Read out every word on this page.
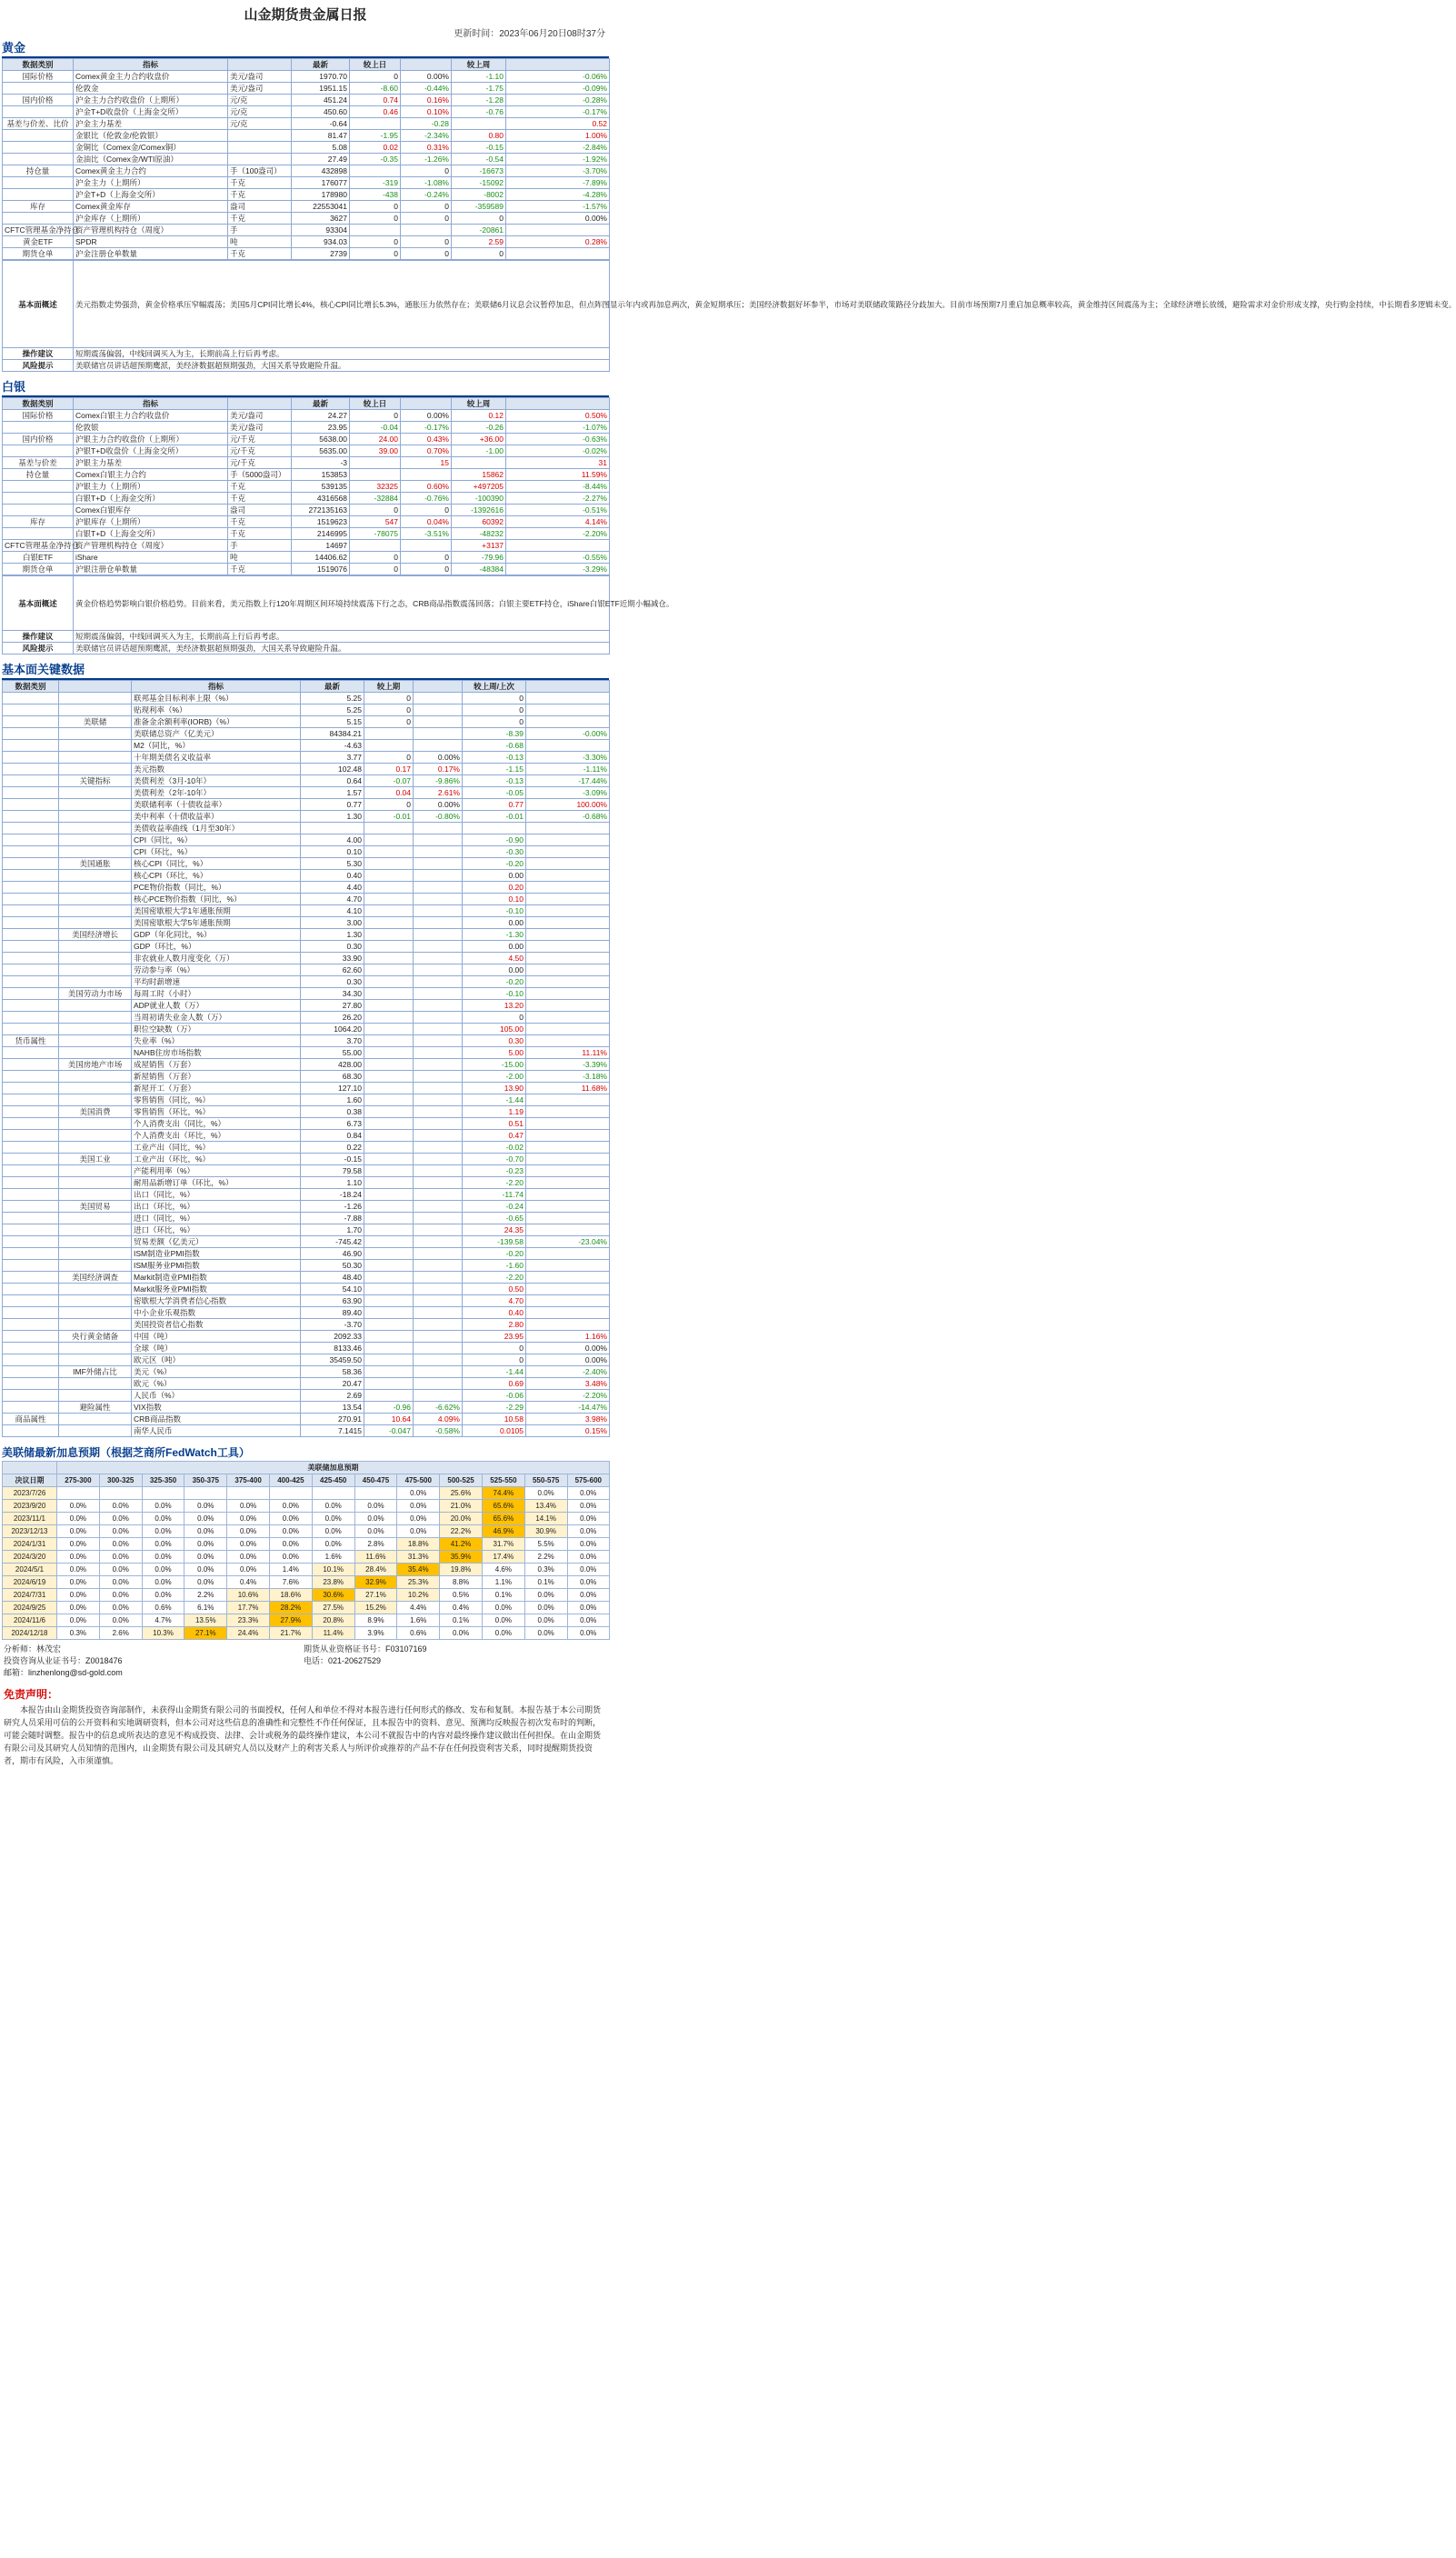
山金期货贵金属日报
更新时间：2023年06月20日08时37分
黄金
数据类别	指标		最新	较上日		较上周	
国际价格	Comex黄金主力合约收盘价	美元/盎司	1970.70	0	0.00%	-1.10	-0.06%
	伦敦金	美元/盎司	1951.15	-8.60	-0.44%	-1.75	-0.09%
国内价格	沪金主力合约收盘价（上期所）	元/克	451.24	0.74	0.16%	-1.28	-0.28%
	沪金T+D收盘价（上海金交所）	元/克	450.60	0.46	0.10%	-0.76	-0.17%
基差与价差、比价	沪金主力基差	元/克	-0.64		-0.28		0.52
	金银比（伦敦金/伦敦银）		81.47	-1.95	-2.34%	0.80	1.00%
	金铜比（Comex金/Comex铜）		5.08	0.02	0.31%	-0.15	-2.84%
	金油比（Comex金/WTI原油）		27.49	-0.35	-1.26%	-0.54	-1.92%
持仓量	Comex黄金主力合约	手（100盎司）	432898		0	-16673	-3.70%
	沪金主力（上期所）	千克	176077	-319	-1.08%	-15092	-7.89%
	沪金T+D（上海金交所）	千克	178980	-438	-0.24%	-8002	-4.28%
库存	Comex黄金库存	盎司	22553041	0	0	-359589	-1.57%
	沪金库存（上期所）	千克	3627	0	0	0	0.00%
CFTC管理基金净持仓	资产管理机构持仓（周度）	手	93304			-20861	
黄金ETF	SPDR	吨	934.03	0	0	2.59	0.28%
期货仓单	沪金注册仓单数量	千克	2739	0	0	0	
基本面概述	美元指数走势强劲，黄金价格承压窄幅震荡；美国5月CPI同比增长4%，核心CPI同比增长5.3%，通胀压力依然存在；美联储6月议息会议暂停加息，但点阵图显示年内或再加息两次，黄金短期承压；美国经济数据好坏参半，市场对美联储政策路径分歧加大。目前市场预期7月重启加息概率较高，黄金维持区间震荡为主；全球经济增长放缓，避险需求对金价形成支撑，央行购金持续，中长期看多逻辑未变。
操作建议	短期震荡偏弱，中线回调买入为主，长期前高上行后再考虑。
风险提示	美联储官员讲话超预期鹰派，美经济数据超预期强劲，大国关系导致避险升温。
白银
数据类别	指标		最新	较上日		较上周	
国际价格	Comex白银主力合约收盘价	美元/盎司	24.27	0	0.00%	0.12	0.50%
	伦敦银	美元/盎司	23.95	-0.04	-0.17%	-0.26	-1.07%
国内价格	沪银主力合约收盘价（上期所）	元/千克	5638.00	24.00	0.43%	+36.00	-0.63%
	沪银T+D收盘价（上海金交所）	元/千克	5635.00	39.00	0.70%	-1.00	-0.02%
基差与价差	沪银主力基差	元/千克	-3		15		31
持仓量	Comex白银主力合约	手（5000盎司）	153853			15862	11.59%
	沪银主力（上期所）	千克	539135	32325	0.60%	+497205	-8.44%
	白银T+D（上海金交所）	千克	4316568	-32884	-0.76%	-100390	-2.27%
	Comex白银库存	盎司	272135163	0	0	-1392616	-0.51%
库存	沪银库存（上期所）	千克	1519623	547	0.04%	60392	4.14%
	白银T+D（上海金交所）	千克	2146995	-78075	-3.51%	-48232	-2.20%
CFTC管理基金净持仓	资产管理机构持仓（周度）	手	14697			+3137	
白银ETF	iShare	吨	14406.62	0	0	-79.96	-0.55%
期货仓单	沪银注册仓单数量	千克	1519076	0	0	-48384	-3.29%
基本面概述	黄金价格趋势影响白银价格趋势。目前来看，美元指数上行120年周期区间环境持续震荡下行之态，CRB商品指数震荡回落；白银主要ETF持仓，iShare白银ETF近期小幅减仓。
操作建议	短期震荡偏弱，中线回调买入为主，长期前高上行后再考虑。
风险提示	美联储官员讲话超预期鹰派，美经济数据超预期强劲，大国关系导致避险升温。
基本面关键数据
数据类别		指标	最新	较上期		较上周/上次	
		联邦基金目标利率上限（%）	5.25	0		0	
		贴现利率（%）	5.25	0		0	
	美联储	准备金余额利率(IORB)（%）	5.15	0		0	
		美联储总资产（亿美元）	84384.21			-8.39	-0.00%
		M2（同比，%）	-4.63			-0.68	
		十年期美债名义收益率	3.77	0	0.00%	-0.13	-3.30%
		美元指数	102.48	0.17	0.17%	-1.15	-1.11%
	关键指标	美债利差（3月-10年）	0.64	-0.07	-9.86%	-0.13	-17.44%
		美债利差（2年-10年）	1.57	0.04	2.61%	-0.05	-3.09%
		美联储利率（十债收益率）	0.77	0	0.00%	0.77	100.00%
		美中利率（十债收益率）	1.30	-0.01	-0.80%	-0.01	-0.68%
		美债收益率曲线（1月至30年）					
		CPI（同比，%）	4.00			-0.90	
		CPI（环比，%）	0.10			-0.30	
	美国通胀	核心CPI（同比，%）	5.30			-0.20	
		核心CPI（环比，%）	0.40			0.00	
		PCE物价指数（同比，%）	4.40			0.20	
		核心PCE物价指数（同比，%）	4.70			0.10	
		美国密歇根大学1年通胀预期	4.10			-0.10	
		美国密歇根大学5年通胀预期	3.00			0.00	
	美国经济增长	GDP（年化同比，%）	1.30			-1.30	
		GDP（环比，%）	0.30			0.00	
		非农就业人数月度变化（万）	33.90			4.50	
		劳动参与率（%）	62.60			0.00	
		平均时薪增速	0.30			-0.20	
	美国劳动力市场	每周工时（小时）	34.30			-0.10	
		ADP就业人数（万）	27.80			13.20	
		当周初请失业金人数（万）	26.20			0	
		职位空缺数（万）	1064.20			105.00	
货币属性		失业率（%）	3.70			0.30	
		NAHB住房市场指数	55.00			5.00	11.11%
	美国房地产市场	成屋销售（万套）	428.00			-15.00	-3.39%
		新屋销售（万套）	68.30			-2.00	-3.18%
		新屋开工（万套）	127.10			13.90	11.68%
		零售销售（同比，%）	1.60			-1.44	
	美国消费	零售销售（环比，%）	0.38			1.19	
		个人消费支出（同比，%）	6.73			0.51	
		个人消费支出（环比，%）	0.84			0.47	
		工业产出（同比，%）	0.22			-0.02	
	美国工业	工业产出（环比，%）	-0.15			-0.70	
		产能利用率（%）	79.58			-0.23	
		耐用品新增订单（环比，%）	1.10			-2.20	
		出口（同比，%）	-18.24			-11.74	
	美国贸易	出口（环比，%）	-1.26			-0.24	
		进口（同比，%）	-7.88			-0.65	
		进口（环比，%）	1.70			24.35	
		贸易差额（亿美元）	-745.42			-139.58	-23.04%
		ISM制造业PMI指数	46.90			-0.20	
		ISM服务业PMI指数	50.30			-1.60	
	美国经济调查	Markit制造业PMI指数	48.40			-2.20	
		Markit服务业PMI指数	54.10			0.50	
		密歇根大学消费者信心指数	63.90			4.70	
		中小企业乐观指数	89.40			0.40	
		美国投资者信心指数	-3.70			2.80	
	央行黄金储备	中国（吨）	2092.33			23.95	1.16%
		全球（吨）	8133.46			0	0.00%
		欧元区（吨）	35459.50			0	0.00%
	IMF外储占比	美元（%）	58.36			-1.44	-2.40%
		欧元（%）	20.47			0.69	3.48%
		人民币（%）	2.69			-0.06	-2.20%
	避险属性	VIX指数	13.54	-0.96	-6.62%	-2.29	-14.47%
商品属性		CRB商品指数	270.91	10.64	4.09%	10.58	3.98%
		南华人民币	7.1415	-0.047	-0.58%	0.0105	0.15%
美联储最新加息预期（根据芝商所FedWatch工具）
	美联储加息预期												
决议日期	275-300	300-325	325-350	350-375	375-400	400-425	425-450	450-475	475-500	500-525	525-550	550-575	575-600
2023/7/26									0.0%	25.6%	74.4%	0.0%	0.0%
2023/9/20	0.0%	0.0%	0.0%	0.0%	0.0%	0.0%	0.0%	0.0%	0.0%	21.0%	65.6%	13.4%	0.0%
2023/11/1	0.0%	0.0%	0.0%	0.0%	0.0%	0.0%	0.0%	0.0%	0.0%	20.0%	65.6%	14.1%	0.0%
2023/12/13	0.0%	0.0%	0.0%	0.0%	0.0%	0.0%	0.0%	0.0%	0.0%	22.2%	46.9%	30.9%	0.0%
2024/1/31	0.0%	0.0%	0.0%	0.0%	0.0%	0.0%	0.0%	2.8%	18.8%	41.2%	31.7%	5.5%	0.0%
2024/3/20	0.0%	0.0%	0.0%	0.0%	0.0%	0.0%	1.6%	11.6%	31.3%	35.9%	17.4%	2.2%	0.0%
2024/5/1	0.0%	0.0%	0.0%	0.0%	0.0%	1.4%	10.1%	28.4%	35.4%	19.8%	4.6%	0.3%	0.0%
2024/6/19	0.0%	0.0%	0.0%	0.0%	0.4%	7.6%	23.8%	32.9%	25.3%	8.8%	1.1%	0.1%	0.0%
2024/7/31	0.0%	0.0%	0.0%	2.2%	10.6%	18.6%	30.6%	27.1%	10.2%	0.5%	0.1%	0.0%	0.0%
2024/9/25	0.0%	0.0%	0.6%	6.1%	17.7%	28.2%	27.5%	15.2%	4.4%	0.4%	0.0%	0.0%	0.0%
2024/11/6	0.0%	0.0%	4.7%	13.5%	23.3%	27.9%	20.8%	8.9%	1.6%	0.1%	0.0%	0.0%	0.0%
2024/12/18	0.3%	2.6%	10.3%	27.1%	24.4%	21.7%	11.4%	3.9%	0.6%	0.0%	0.0%	0.0%	0.0%
分析师：林茂宏	期货从业资格证书号：F03107169
投资咨询从业证书号：Z0018476	电话：021-20627529
邮箱：linzhenlong@sd-gold.com
免责声明：
本报告由山金期货投资咨询部制作，未获得山金期货有限公司的书面授权，任何人和单位不得对本报告进行任何形式的修改、发布和复制。本报告基于本公司期货研究人员采用可信的公开资料和实地调研资料，但本公司对这些信息的准确性和完整性不作任何保证，且本报告中的资料、意见、预测均反映报告初次发布时的判断，可能会随时调整。报告中的信息或所表达的意见不构成投资、法律、会计或税务的最终操作建议，本公司不就报告中的内容对最终操作建议做出任何担保。在山金期货有限公司及其研究人员知情的范围内，山金期货有限公司及其研究人员以及财产上的利害关系人与所评价或推荐的产品不存在任何投资利害关系，同时提醒期货投资者，期市有风险，入市须谨慎。
